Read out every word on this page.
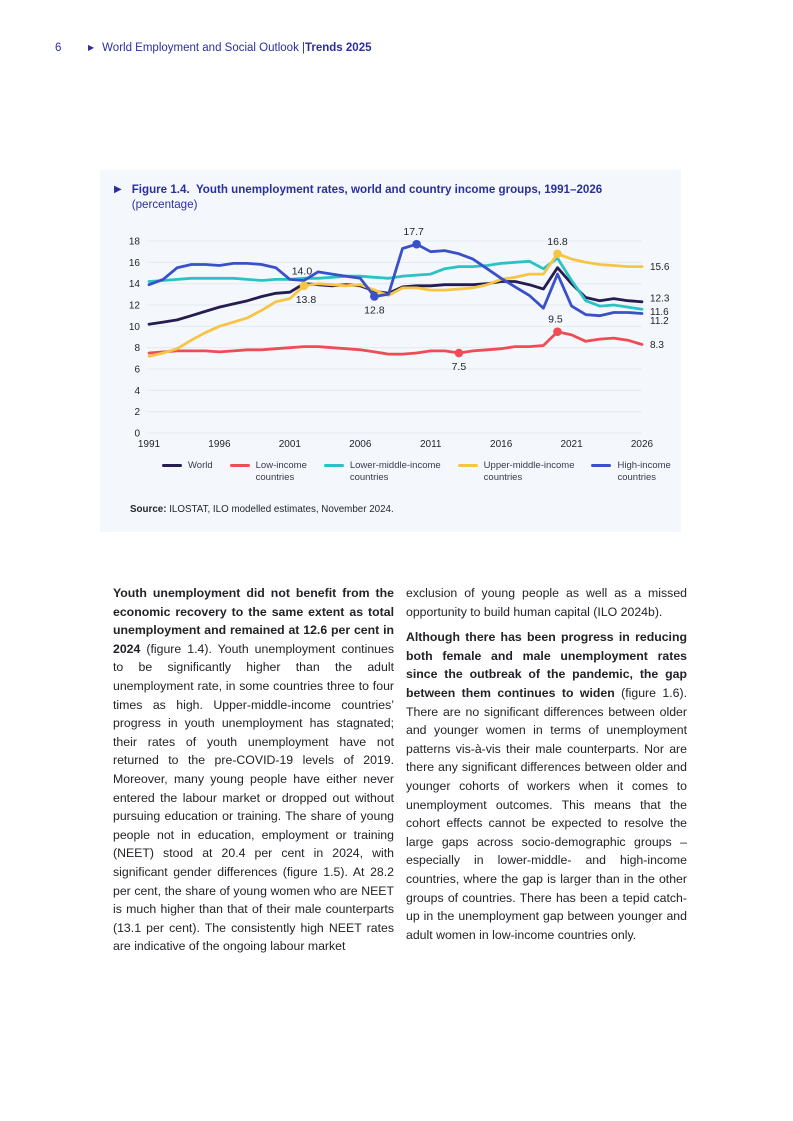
6	▶ World Employment and Social Outlook | Trends 2025
▶ Figure 1.4. Youth unemployment rates, world and country income groups, 1991–2026 (percentage)
0
2
4
6
8
10
12
14
16
18
1991	1996	2001	2006	2011	2016	2021	2026
12.3
8.3
11.6
15.6
11.2
14.0
13.8
12.8
17.7
16.8
9.5
7.5
World	Low-income
countries
Lower-middle-income
countries
Upper-middle-income
countries
High-income
countries

Source: ILOSTAT, ILO modelled estimates, November 2024.

Youth unemployment did not benefit from the economic recovery to the same extent as total unemployment and remained at 12.6 per cent in 2024 (figure 1.4). Youth unemployment continues to be significantly higher than the adult unemployment rate, in some countries three to four times as high. Upper-middle-income countries’ progress in youth unemployment has stagnated; their rates of youth unemployment have not returned to the pre-COVID-19 levels of 2019. Moreover, many young people have either never entered the labour market or dropped out without pursuing education or training. The share of young people not in education, employment or training (NEET) stood at 20.4 per cent in 2024, with significant gender differences (figure 1.5). At 28.2 per cent, the share of young women who are NEET is much higher than that of their male counterparts (13.1 per cent). The consistently high NEET rates are indicative of the ongoing labour market

exclusion of young people as well as a missed opportunity to build human capital (ILO 2024b).

Although there has been progress in reducing both female and male unemployment rates since the outbreak of the pandemic, the gap between them continues to widen (figure 1.6). There are no significant differences between older and younger women in terms of unemployment patterns vis-à-vis their male counterparts. Nor are there any significant differences between older and younger cohorts of workers when it comes to unemployment outcomes. This means that the cohort effects cannot be expected to resolve the large gaps across socio-demographic groups – especially in lower-middle- and high-income countries, where the gap is larger than in the other groups of countries. There has been a tepid catch-up in the unemployment gap between younger and adult women in low-income countries only.
